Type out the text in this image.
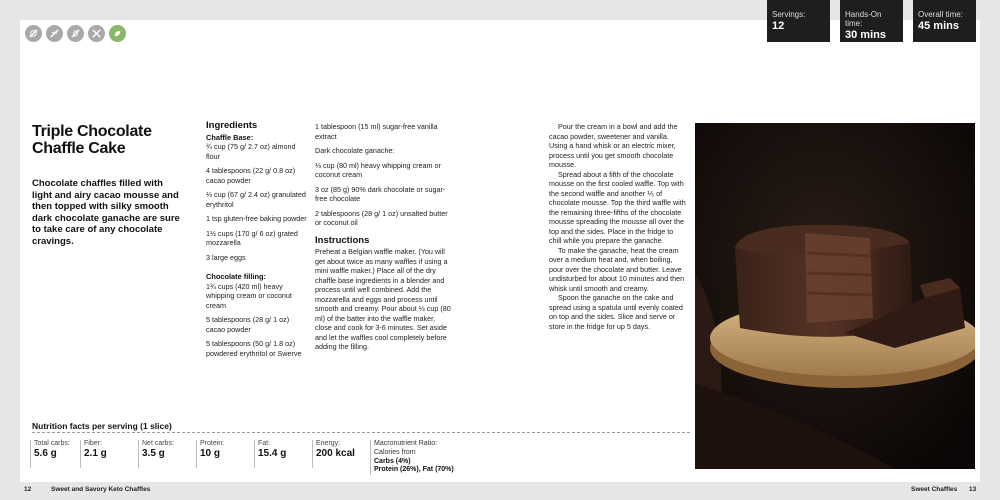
Servings:
12
Hands-On time:
30 mins
Overall time:
45 mins
Triple Chocolate
Chaffle Cake
Chocolate chaffles filled with light and airy cacao mousse and then topped with silky smooth dark chocolate ganache are sure to take care of any chocolate cravings.
Ingredients
Chaffle Base:

¾ cup (75 g/ 2.7 oz) almond flour

4 tablespoons (22 g/ 0.8 oz) cacao powder

⅓ cup (67 g/ 2.4 oz) granulated erythritol

1 tsp gluten-free baking powder

1½ cups (170 g/ 6 oz) grated mozzarella

3 large eggs

Chocolate filling:

1¾ cups (420 ml) heavy whipping cream or coconut cream

5 tablespoons (28 g/ 1 oz) cacao powder

5 tablespoons (50 g/ 1.8 oz) powdered erythritol or Swerve

1 tablespoon (15 ml) sugar-free vanilla extract

Dark chocolate ganache:

⅓ cup (80 ml) heavy whipping cream or coconut cream

3 oz (85 g) 90% dark chocolate or sugar-free chocolate

2 tablespoons (28 g/ 1 oz) unsalted butter or coconut oil

Instructions

Preheat a Belgian waffle maker. (You will get about twice as many waffles if using a mini waffle maker.) Place all of the dry chaffle base ingredients in a blender and process until well combined. Add the mozzarella and eggs and process until smooth and creamy. Pour about ⅓ cup (80 ml) of the batter into the waffle maker, close and cook for 3-6 minutes. Set aside and let the waffles cool completely before adding the filling.

Pour the cream in a bowl and add the cacao powder, sweetener and vanilla. Using a hand whisk or an electric mixer, process until you get smooth chocolate mousse.

Spread about a fifth of the chocolate mousse on the first cooled waffle. Top with the second waffle and another ⅕ of chocolate mousse. Top the third waffle with the remaining three-fifths of the chocolate mousse spreading the mousse all over the top and the sides. Place in the fridge to chill while you prepare the ganache.

To make the ganache, heat the cream over a medium heat and, when boiling, pour over the chocolate and butter. Leave undisturbed for about 10 minutes and then whisk until smooth and creamy.

Spoon the ganache on the cake and spread using a spatula until evenly coated on top and the sides. Slice and serve or store in the fridge for up 5 days.

Nutrition facts per serving (1 slice)
Total carbs:
5.6 g
Fiber:
2.1 g
Net carbs:
3.5 g
Protein:
10 g
Fat:
15.4 g
Energy:
200 kcal
Macronutrient Ratio:
Calories from
Carbs (4%)
Protein (26%), Fat (70%)
12	Sweet and Savory Keto Chaffles	Sweet Chaffles 13
